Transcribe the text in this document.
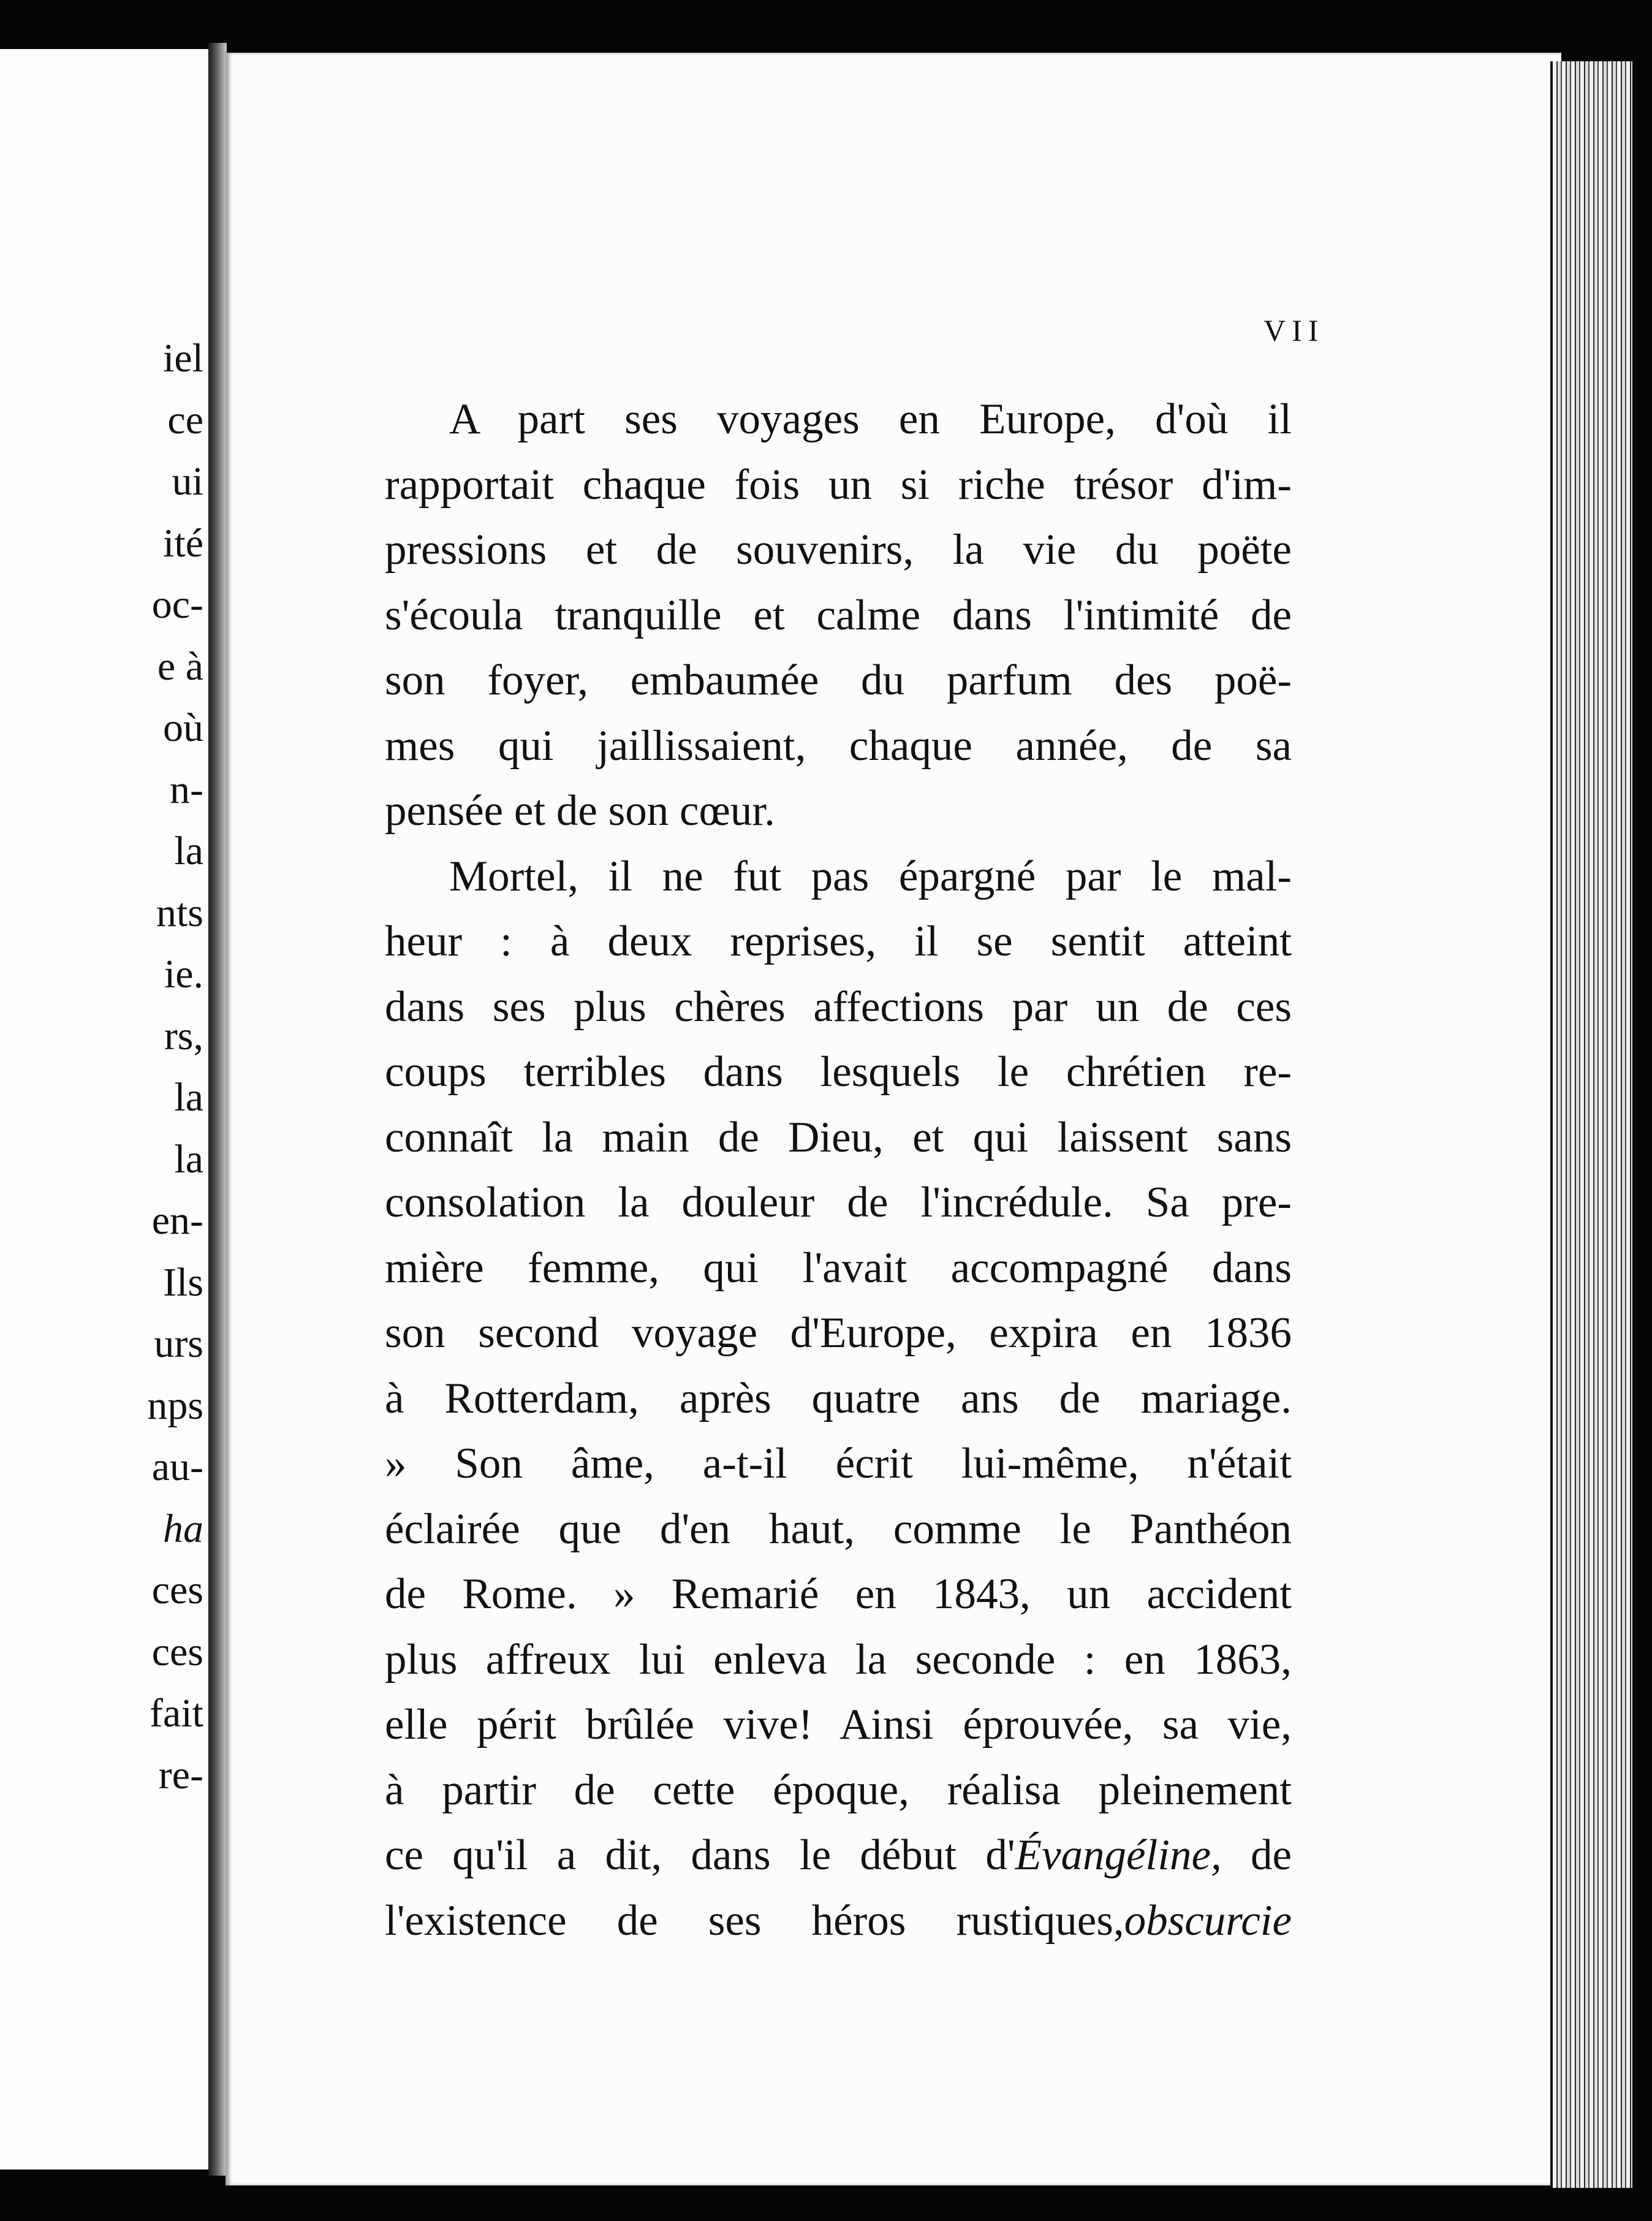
iel
ce
ui
ité
oc-
e à
où
n-
la
nts
ie.
rs,
la
la
en-
Ils
urs
nps
au-
ha
ces
ces
fait
re-
VII
A part ses voyages en Europe, d'où il
rapportait chaque fois un si riche trésor d'im-
pressions et de souvenirs, la vie du poëte
s'écoula tranquille et calme dans l'intimité de
son foyer, embaumée du parfum des poë-
mes qui jaillissaient, chaque année, de sa
pensée et de son cœur.
Mortel, il ne fut pas épargné par le mal-
heur : à deux reprises, il se sentit atteint
dans ses plus chères affections par un de ces
coups terribles dans lesquels le chrétien re-
connaît la main de Dieu, et qui laissent sans
consolation la douleur de l'incrédule. Sa pre-
mière femme, qui l'avait accompagné dans
son second voyage d'Europe, expira en 1836
à Rotterdam, après quatre ans de mariage.
» Son âme, a-t-il écrit lui-même, n'était
éclairée que d'en haut, comme le Panthéon
de Rome. » Remarié en 1843, un accident
plus affreux lui enleva la seconde : en 1863,
elle périt brûlée vive! Ainsi éprouvée, sa vie,
à partir de cette époque, réalisa pleinement
ce qu'il a dit, dans le début d'Évangéline, de
l'existence de ses héros rustiques,obscurcie
